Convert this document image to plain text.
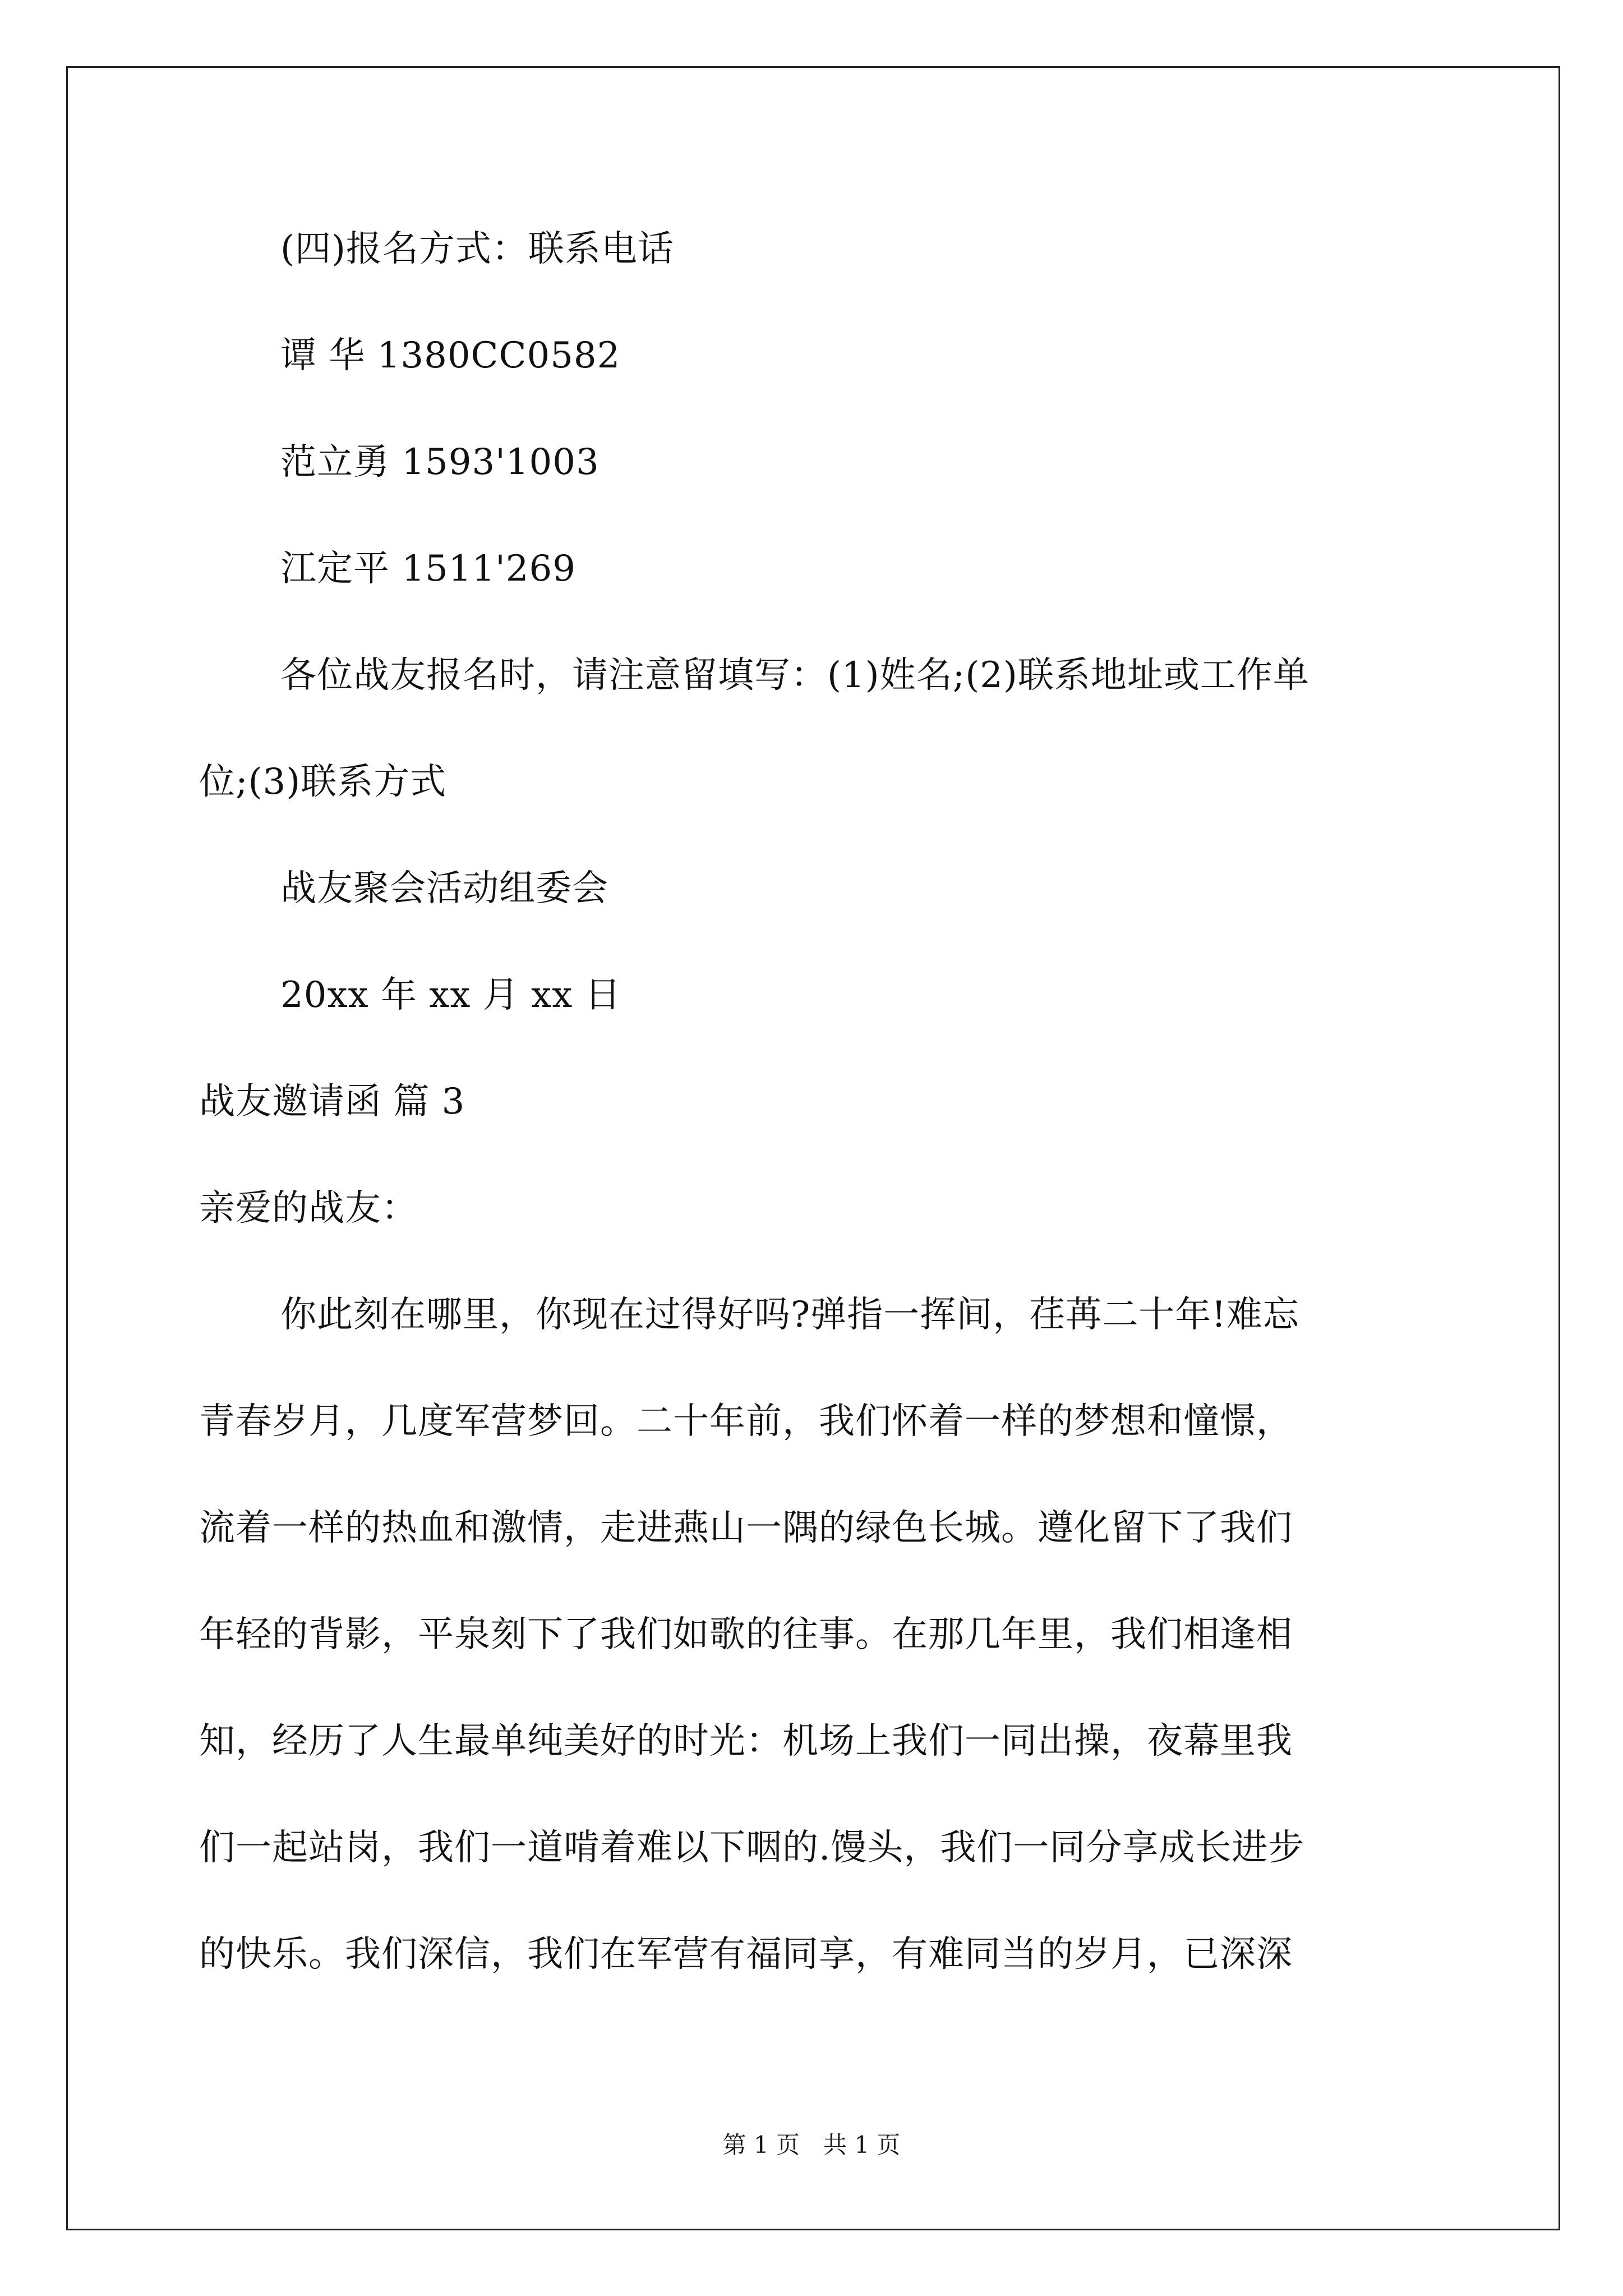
(四)报名方式：联系电话
谭 华 1380CC0582
范立勇 1593'1003
江定平 1511'269
各位战友报名时，请注意留填写：(1)姓名;(2)联系地址或工作单
位;(3)联系方式
战友聚会活动组委会
20xx 年 xx 月 xx 日
战友邀请函 篇 3
亲爱的战友：
你此刻在哪里，你现在过得好吗?弹指一挥间，荏苒二十年!难忘
青春岁月，几度军营梦回。二十年前，我们怀着一样的梦想和憧憬，
流着一样的热血和激情，走进燕山一隅的绿色长城。遵化留下了我们
年轻的背影，平泉刻下了我们如歌的往事。在那几年里，我们相逢相
知，经历了人生最单纯美好的时光：机场上我们一同出操，夜幕里我
们一起站岗，我们一道啃着难以下咽的.馒头，我们一同分享成长进步
的快乐。我们深信，我们在军营有福同享，有难同当的岁月，已深深
第 1 页　共 1 页
